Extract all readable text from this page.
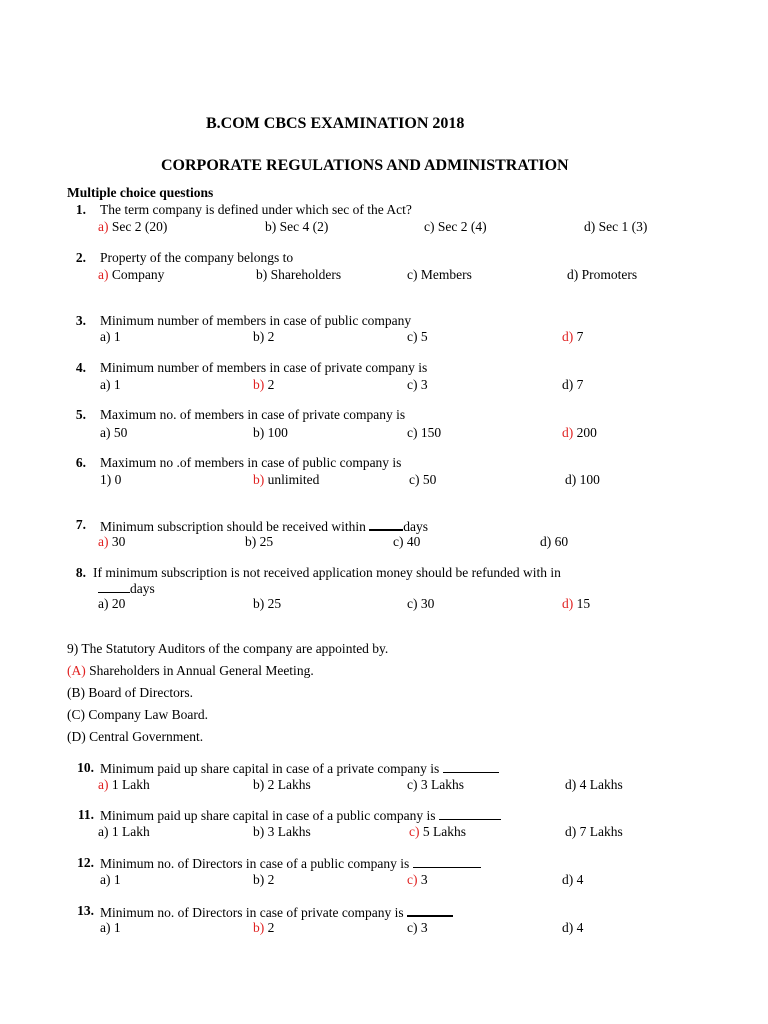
B.COM CBCS EXAMINATION 2018
CORPORATE REGULATIONS AND ADMINISTRATION
Multiple choice questions
1. The term company is defined under which sec of the Act?
a) Sec 2 (20)	b) Sec 4 (2)	c) Sec 2 (4)	d) Sec 1 (3)
2. Property of the company belongs to
a) Company	b) Shareholders	c) Members	d) Promoters
3. Minimum number of members in case of public company
a) 1	b) 2	c) 5	d) 7
4. Minimum number of members in case of private company is
a) 1	b) 2	c) 3	d) 7
5. Maximum no. of members in case of private company is
a) 50	b) 100	c) 150	d) 200
6. Maximum no .of members in case of public company is
1) 0	b) unlimited	c) 50	d) 100
7. Minimum subscription should be received within	days
a) 30	b) 25	c) 40	d) 60
8. If minimum subscription is not received application money should be refunded with in
days
a) 20	b) 25	c) 30	d) 15
9) The Statutory Auditors of the company are appointed by.
(A) Shareholders in Annual General Meeting.
(B) Board of Directors.
(C) Company Law Board.
(D) Central Government.
10. Minimum paid up share capital in case of a private company is
a) 1 Lakh	b) 2 Lakhs	c) 3 Lakhs	d) 4 Lakhs
11. Minimum paid up share capital in case of a public company is
a) 1 Lakh	b) 3 Lakhs	c) 5 Lakhs	d) 7 Lakhs
12. Minimum no. of Directors in case of a public company is
a) 1	b) 2	c) 3	d) 4
13. Minimum no. of Directors in case of private company is
a) 1	b) 2	c) 3	d) 4
